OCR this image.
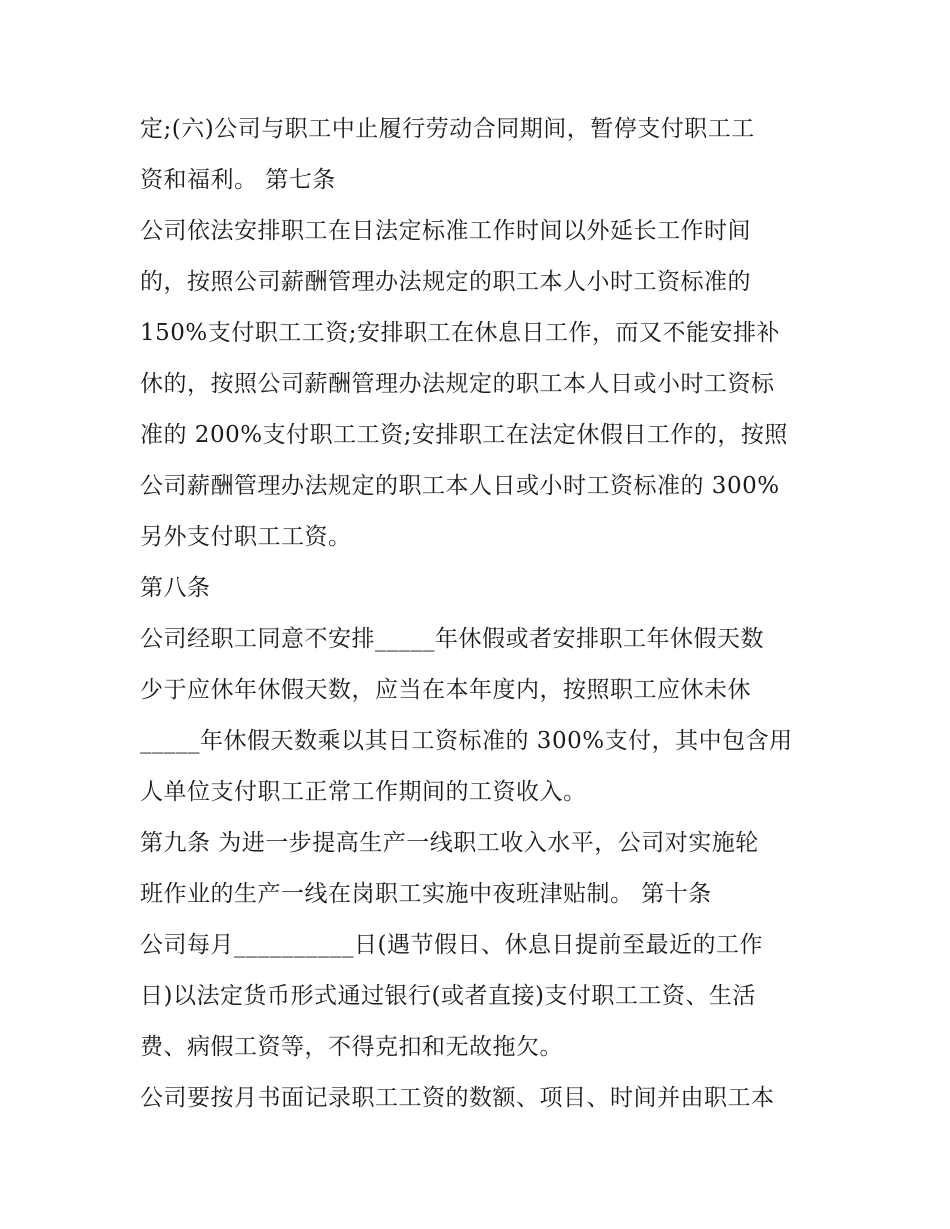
定;(六)公司与职工中止履行劳动合同期间，暂停支付职工工
资和福利。 第七条
公司依法安排职工在日法定标准工作时间以外延长工作时间
的，按照公司薪酬管理办法规定的职工本人小时工资标准的
150%支付职工工资;安排职工在休息日工作，而又不能安排补
休的，按照公司薪酬管理办法规定的职工本人日或小时工资标
准的 200%支付职工工资;安排职工在法定休假日工作的，按照
公司薪酬管理办法规定的职工本人日或小时工资标准的 300%
另外支付职工工资。
第八条
公司经职工同意不安排_____年休假或者安排职工年休假天数
少于应休年休假天数，应当在本年度内，按照职工应休未休
_____年休假天数乘以其日工资标准的 300%支付，其中包含用
人单位支付职工正常工作期间的工资收入。
第九条 为进一步提高生产一线职工收入水平，公司对实施轮
班作业的生产一线在岗职工实施中夜班津贴制。 第十条
公司每月__________日(遇节假日、休息日提前至最近的工作
日)以法定货币形式通过银行(或者直接)支付职工工资、生活
费、病假工资等，不得克扣和无故拖欠。
公司要按月书面记录职工工资的数额、项目、时间并由职工本
